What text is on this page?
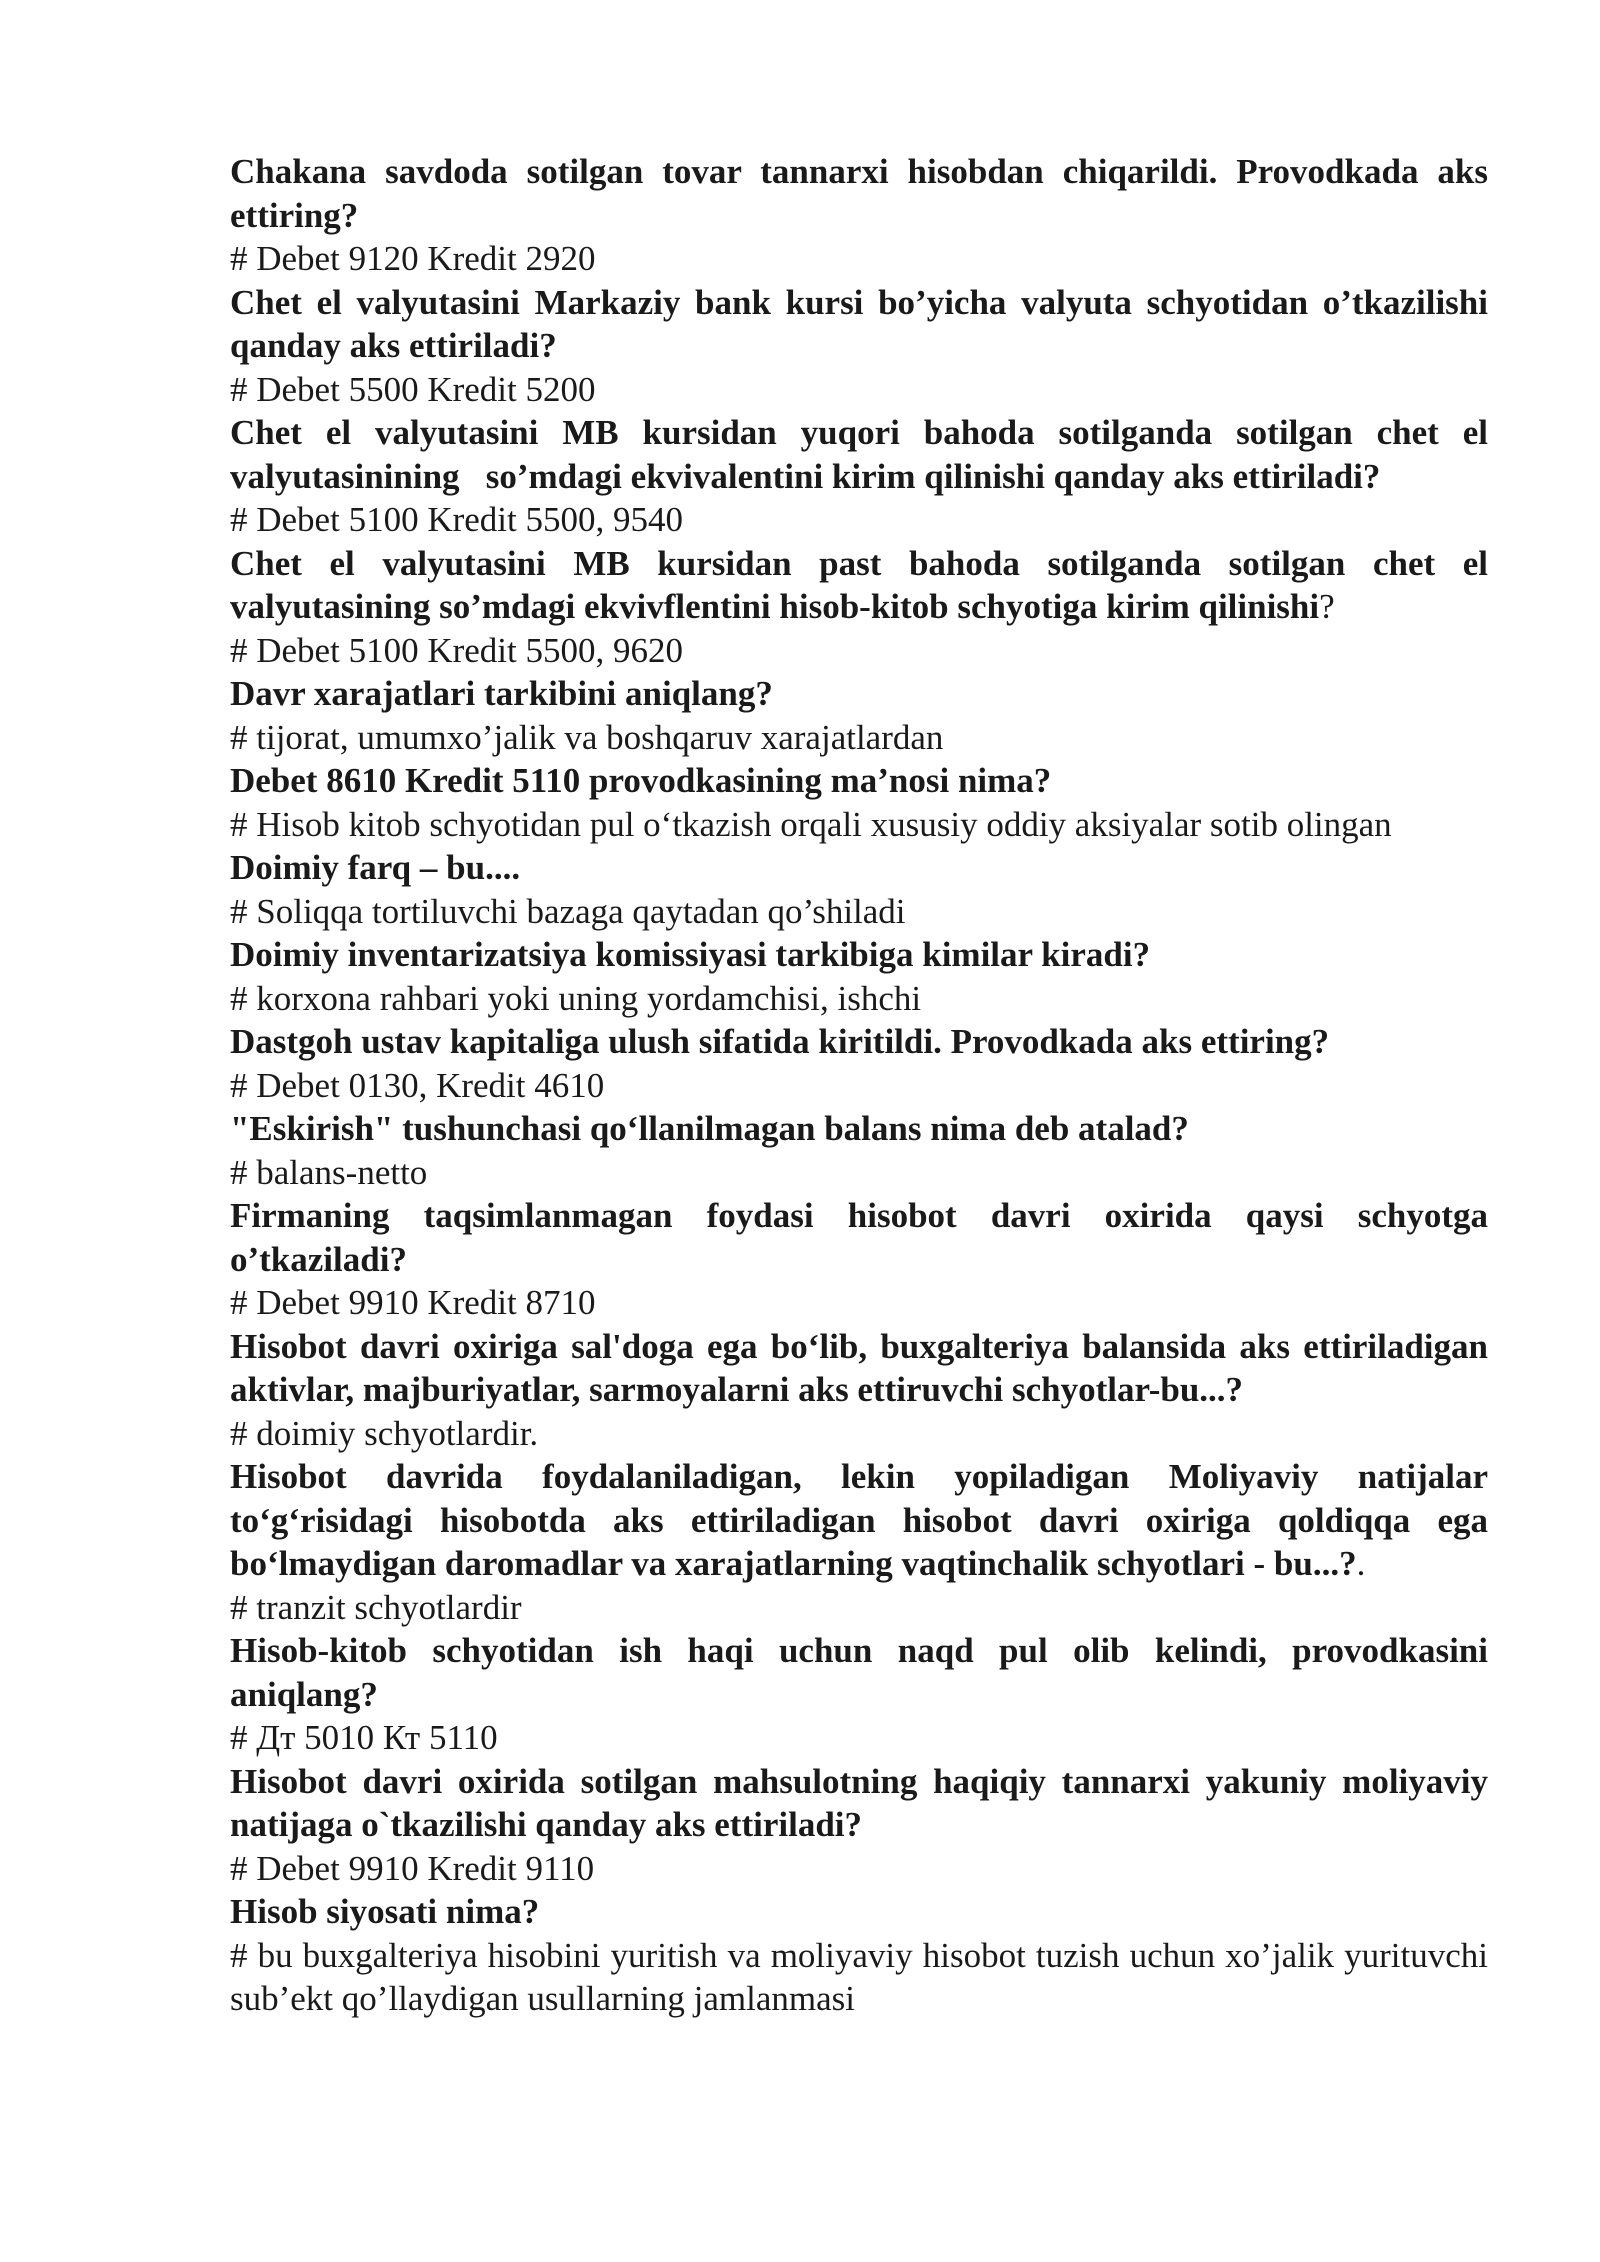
Chakana savdoda sotilgan tovar tannarxi hisobdan chiqarildi. Provodkada aks ettiring?

# Debet 9120 Kredit 2920

Chet el valyutasini Markaziy bank kursi bo’yicha valyuta schyotidan o’tkazilishi qanday aks ettiriladi?

# Debet 5500 Kredit 5200

Chet el valyutasini MB kursidan yuqori bahoda sotilganda sotilgan chet el valyutasinining   so’mdagi ekvivalentini kirim qilinishi qanday aks ettiriladi?

# Debet 5100 Kredit 5500, 9540

Chet el valyutasini MB kursidan past bahoda sotilganda sotilgan chet el valyutasining so’mdagi ekvivflentini hisob-kitob schyotiga kirim qilinishi?

# Debet 5100 Kredit 5500, 9620

Davr xarajatlari tarkibini aniqlang?

# tijorat, umumxo’jalik va boshqaruv xarajatlardan

Debet 8610 Kredit 5110 provodkasining ma’nosi nima?

# Hisob kitob schyotidan pul o‘tkazish orqali xususiy oddiy aksiyalar sotib olingan

Doimiy farq – bu....

# Soliqqa tortiluvchi bazaga qaytadan qo’shiladi

Doimiy inventarizatsiya komissiyasi tarkibiga kimilar kiradi?

# korxona rahbari yoki uning yordamchisi, ishchi

Dastgoh ustav kapitaliga ulush sifatida kiritildi. Provodkada aks ettiring?

# Debet 0130, Kredit 4610

"Eskirish" tushunchasi qo‘llanilmagan balans nima deb atalad?

# balans-netto

Firmaning taqsimlanmagan foydasi hisobot davri oxirida qaysi schyotga o’tkaziladi?

# Debet 9910 Kredit 8710

Hisobot davri oxiriga sal'doga ega bo‘lib, buxgalteriya balansida aks ettiriladigan aktivlar, majburiyatlar, sarmoyalarni aks ettiruvchi schyotlar-bu...?

# doimiy schyotlardir.

Hisobot davrida foydalaniladigan, lekin yopiladigan Moliyaviy natijalar to‘g‘risidagi hisobotda aks ettiriladigan hisobot davri oxiriga qoldiqqa ega bo‘lmaydigan daromadlar va xarajatlarning vaqtinchalik schyotlari - bu...?.

# tranzit schyotlardir

Hisob-kitob schyotidan ish haqi uchun naqd pul olib kelindi, provodkasini aniqlang?

# Дт 5010 Кт 5110

Hisobot davri oxirida sotilgan mahsulotning haqiqiy tannarxi yakuniy moliyaviy natijaga o`tkazilishi qanday aks ettiriladi?

# Debet 9910 Kredit 9110

Hisob siyosati nima?

# bu buxgalteriya hisobini yuritish va moliyaviy hisobot tuzish uchun xo’jalik yurituvchi sub’ekt qo’llaydigan usullarning jamlanmasi
